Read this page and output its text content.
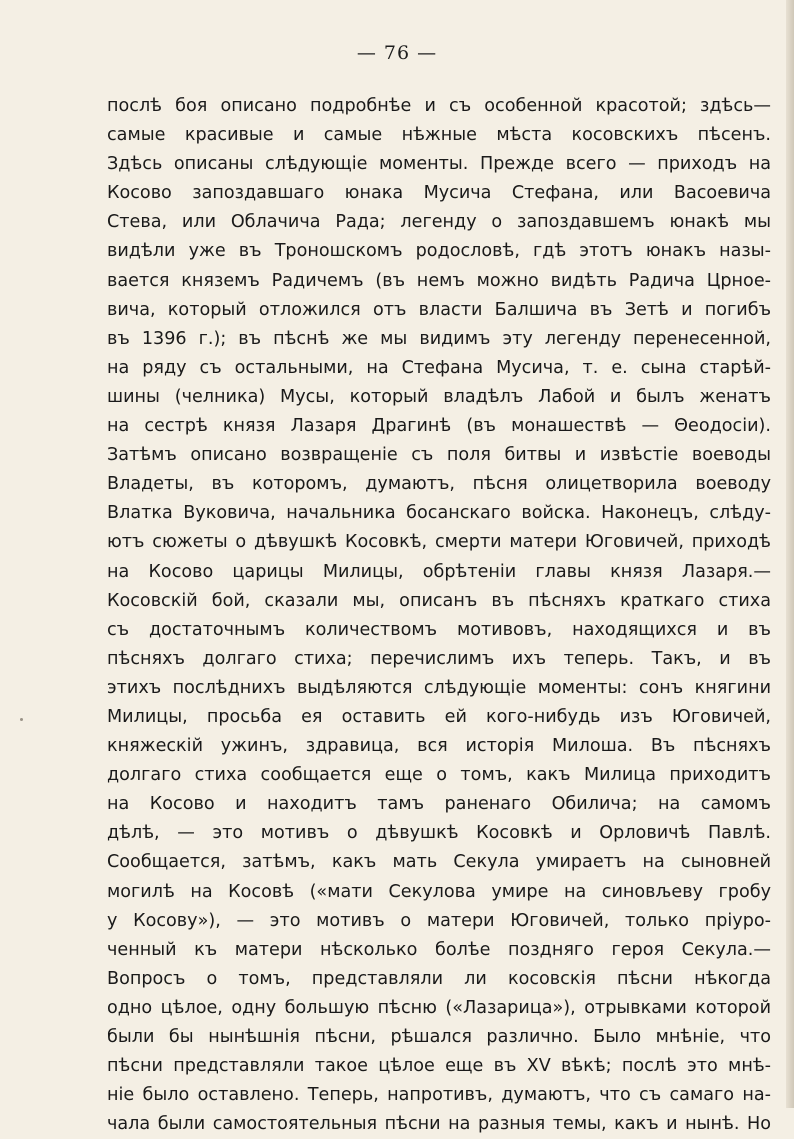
— 76 —
послѣ боя описано подробнѣе и съ особенной красотой; здѣсь—
самые красивые и самые нѣжные мѣста косовскихъ пѣсенъ.
Здѣсь описаны слѣдующіе моменты. Прежде всего — приходъ на
Косово запоздавшаго юнака Мусича Стефана, или Васоевича
Стева, или Облачича Рада; легенду о запоздавшемъ юнакѣ мы
видѣли уже въ Троношскомъ родословѣ, гдѣ этотъ юнакъ назы-
вается княземъ Радичемъ (въ немъ можно видѣть Радича Црное-
вича, который отложился отъ власти Балшича въ Зетѣ и погибъ
въ 1396 г.); въ пѣснѣ же мы видимъ эту легенду перенесенной,
на ряду съ остальными, на Стефана Мусича, т. е. сына старѣй-
шины (челника) Мусы, который владѣлъ Лабой и былъ женатъ
на сестрѣ князя Лазаря Драгинѣ (въ монашествѣ — Θеодосіи).
Затѣмъ описано возвращеніе съ поля битвы и извѣстіе воеводы
Владеты, въ которомъ, думаютъ, пѣсня олицетворила воеводу
Влатка Вуковича, начальника босанскаго войска. Наконецъ, слѣду-
ютъ сюжеты о дѣвушкѣ Косовкѣ, смерти матери Юговичей, приходѣ
на Косово царицы Милицы, обрѣтеніи главы князя Лазаря.—
Косовскій бой, сказали мы, описанъ въ пѣсняхъ краткаго стиха
съ достаточнымъ количествомъ мотивовъ, находящихся и въ
пѣсняхъ долгаго стиха; перечислимъ ихъ теперь. Такъ, и въ
этихъ послѣднихъ выдѣляются слѣдующіе моменты: сонъ княгини
Милицы, просьба ея оставить ей кого-нибудь изъ Юговичей,
княжескій ужинъ, здравица, вся исторія Милоша. Въ пѣсняхъ
долгаго стиха сообщается еще о томъ, какъ Милица приходитъ
на Косово и находитъ тамъ раненаго Обилича; на самомъ
дѣлѣ, — это мотивъ о дѣвушкѣ Косовкѣ и Орловичѣ Павлѣ.
Сообщается, затѣмъ, какъ мать Секула умираетъ на сыновней
могилѣ на Косовѣ («мати Секулова умире на синовљеву гробу
у Косову»), — это мотивъ о матери Юговичей, только пріуро-
ченный къ матери нѣсколько болѣе поздняго героя Секула.—
Вопросъ о томъ, представляли ли косовскія пѣсни нѣкогда
одно цѣлое, одну большую пѣсню («Лазарица»), отрывками которой
были бы нынѣшнія пѣсни, рѣшался различно. Было мнѣніе, что
пѣсни представляли такое цѣлое еще въ XV вѣкѣ; послѣ это мнѣ-
ніе было оставлено. Теперь, напротивъ, думаютъ, что съ самаго на-
чала были самостоятельныя пѣсни на разныя темы, какъ и нынѣ. Но
